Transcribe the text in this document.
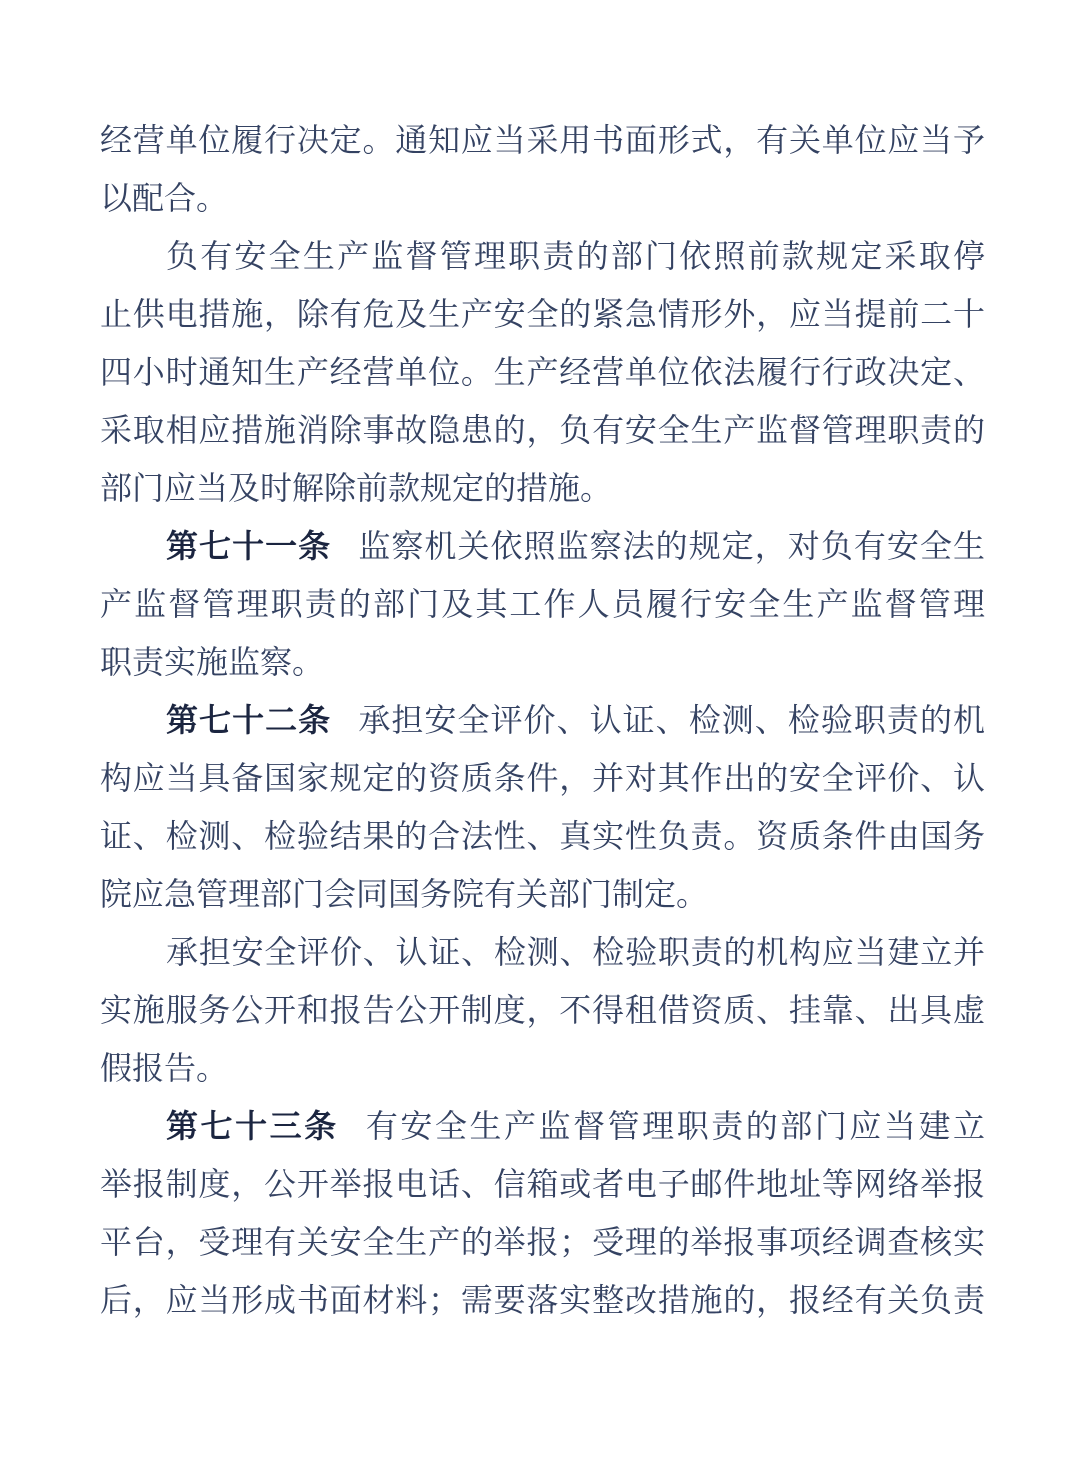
经营单位履行决定。通知应当采用书面形式，有关单位应当予
以配合。
负有安全生产监督管理职责的部门依照前款规定采取停
止供电措施，除有危及生产安全的紧急情形外，应当提前二十
四小时通知生产经营单位。生产经营单位依法履行行政决定、
采取相应措施消除事故隐患的，负有安全生产监督管理职责的
部门应当及时解除前款规定的措施。
第七十一条 监察机关依照监察法的规定，对负有安全生
产监督管理职责的部门及其工作人员履行安全生产监督管理
职责实施监察。
第七十二条 承担安全评价、认证、检测、检验职责的机
构应当具备国家规定的资质条件，并对其作出的安全评价、认
证、检测、检验结果的合法性、真实性负责。资质条件由国务
院应急管理部门会同国务院有关部门制定。
承担安全评价、认证、检测、检验职责的机构应当建立并
实施服务公开和报告公开制度，不得租借资质、挂靠、出具虚
假报告。
第七十三条 有安全生产监督管理职责的部门应当建立
举报制度，公开举报电话、信箱或者电子邮件地址等网络举报
平台，受理有关安全生产的举报；受理的举报事项经调查核实
后，应当形成书面材料；需要落实整改措施的，报经有关负责
